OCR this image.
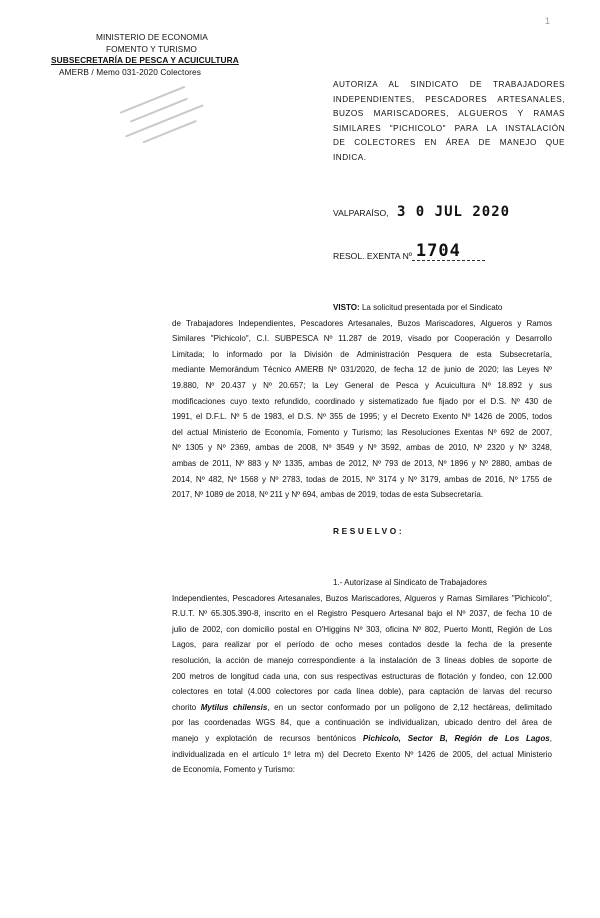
MINISTERIO DE ECONOMIA
FOMENTO Y TURISMO
SUBSECRETARÍA DE PESCA Y ACUICULTURA
AMERB / Memo 031-2020 Colectores
1
AUTORIZA AL SINDICATO DE TRABAJADORES
INDEPENDIENTES, PESCADORES ARTESANALES,
BUZOS MARISCADORES, ALGUEROS Y RAMAS
SIMILARES "PICHICOLO" PARA LA INSTALACIÓN
DE COLECTORES EN ÁREA DE MANEJO QUE
INDICA.
VALPARAÍSO, 3 0 JUL 2020
RESOL. EXENTA Nº 1704
VISTO: La solicitud presentada por el Sindicato
de Trabajadores Independientes, Pescadores Artesanales, Buzos Mariscadores, Algueros y Ramos
Similares "Pichicolo", C.I. SUBPESCA Nº 11.287 de 2019, visado por Cooperación y Desarrollo
Limitada; lo informado por la División de Administración Pesquera de esta Subsecretaría,
mediante Memorándum Técnico AMERB Nº 031/2020, de fecha 12 de junio de 2020; las Leyes Nº
19.880, Nº 20.437 y Nº 20.657; la Ley General de Pesca y Acuicultura Nº 18.892 y sus
modificaciones cuyo texto refundido, coordinado y sistematizado fue fijado por el D.S. Nº 430 de
1991, el D.F.L. Nº 5 de 1983, el D.S. Nº 355 de 1995; y el Decreto Exento Nº 1426 de 2005, todos
del actual Ministerio de Economía, Fomento y Turismo; las Resoluciones Exentas Nº 692 de 2007,
Nº 1305 y Nº 2369, ambas de 2008, Nº 3549 y Nº 3592, ambas de 2010, Nº 2320 y Nº 3248,
ambas de 2011, Nº 883 y Nº 1335, ambas de 2012, Nº 793 de 2013, Nº 1896 y Nº 2880, ambas de
2014, Nº 482, Nº 1568 y Nº 2783, todas de 2015, Nº 3174 y Nº 3179, ambas de 2016, Nº 1755 de
2017, Nº 1089 de 2018, Nº 211 y Nº 694, ambas de 2019, todas de esta Subsecretaría.
RESUELVO:
1.- Autorízase al Sindicato de Trabajadores
Independientes, Pescadores Artesanales, Buzos Mariscadores, Algueros y Ramas Similares "Pichicolo",
R.U.T. Nº 65.305.390-8, inscrito en el Registro Pesquero Artesanal bajo el Nº 2037, de fecha 10 de
julio de 2002, con domicilio postal en O'Higgins Nº 303, oficina Nº 802, Puerto Montt, Región de Los
Lagos, para realizar por el período de ocho meses contados desde la fecha de la presente
resolución, la acción de manejo correspondiente a la instalación de 3 líneas dobles de soporte de
200 metros de longitud cada una, con sus respectivas estructuras de flotación y fondeo, con 12.000
colectores en total (4.000 colectores por cada línea doble), para captación de larvas del recurso
chorito Mytilus chilensis, en un sector conformado por un polígono de 2,12 hectáreas, delimitado
por las coordenadas WGS 84, que a continuación se individualizan, ubicado dentro del área de
manejo y explotación de recursos bentónicos Pichicolo, Sector B, Región de Los Lagos,
individualizada en el artículo 1º letra m) del Decreto Exento Nº 1426 de 2005, del actual Ministerio
de Economía, Fomento y Turismo:
